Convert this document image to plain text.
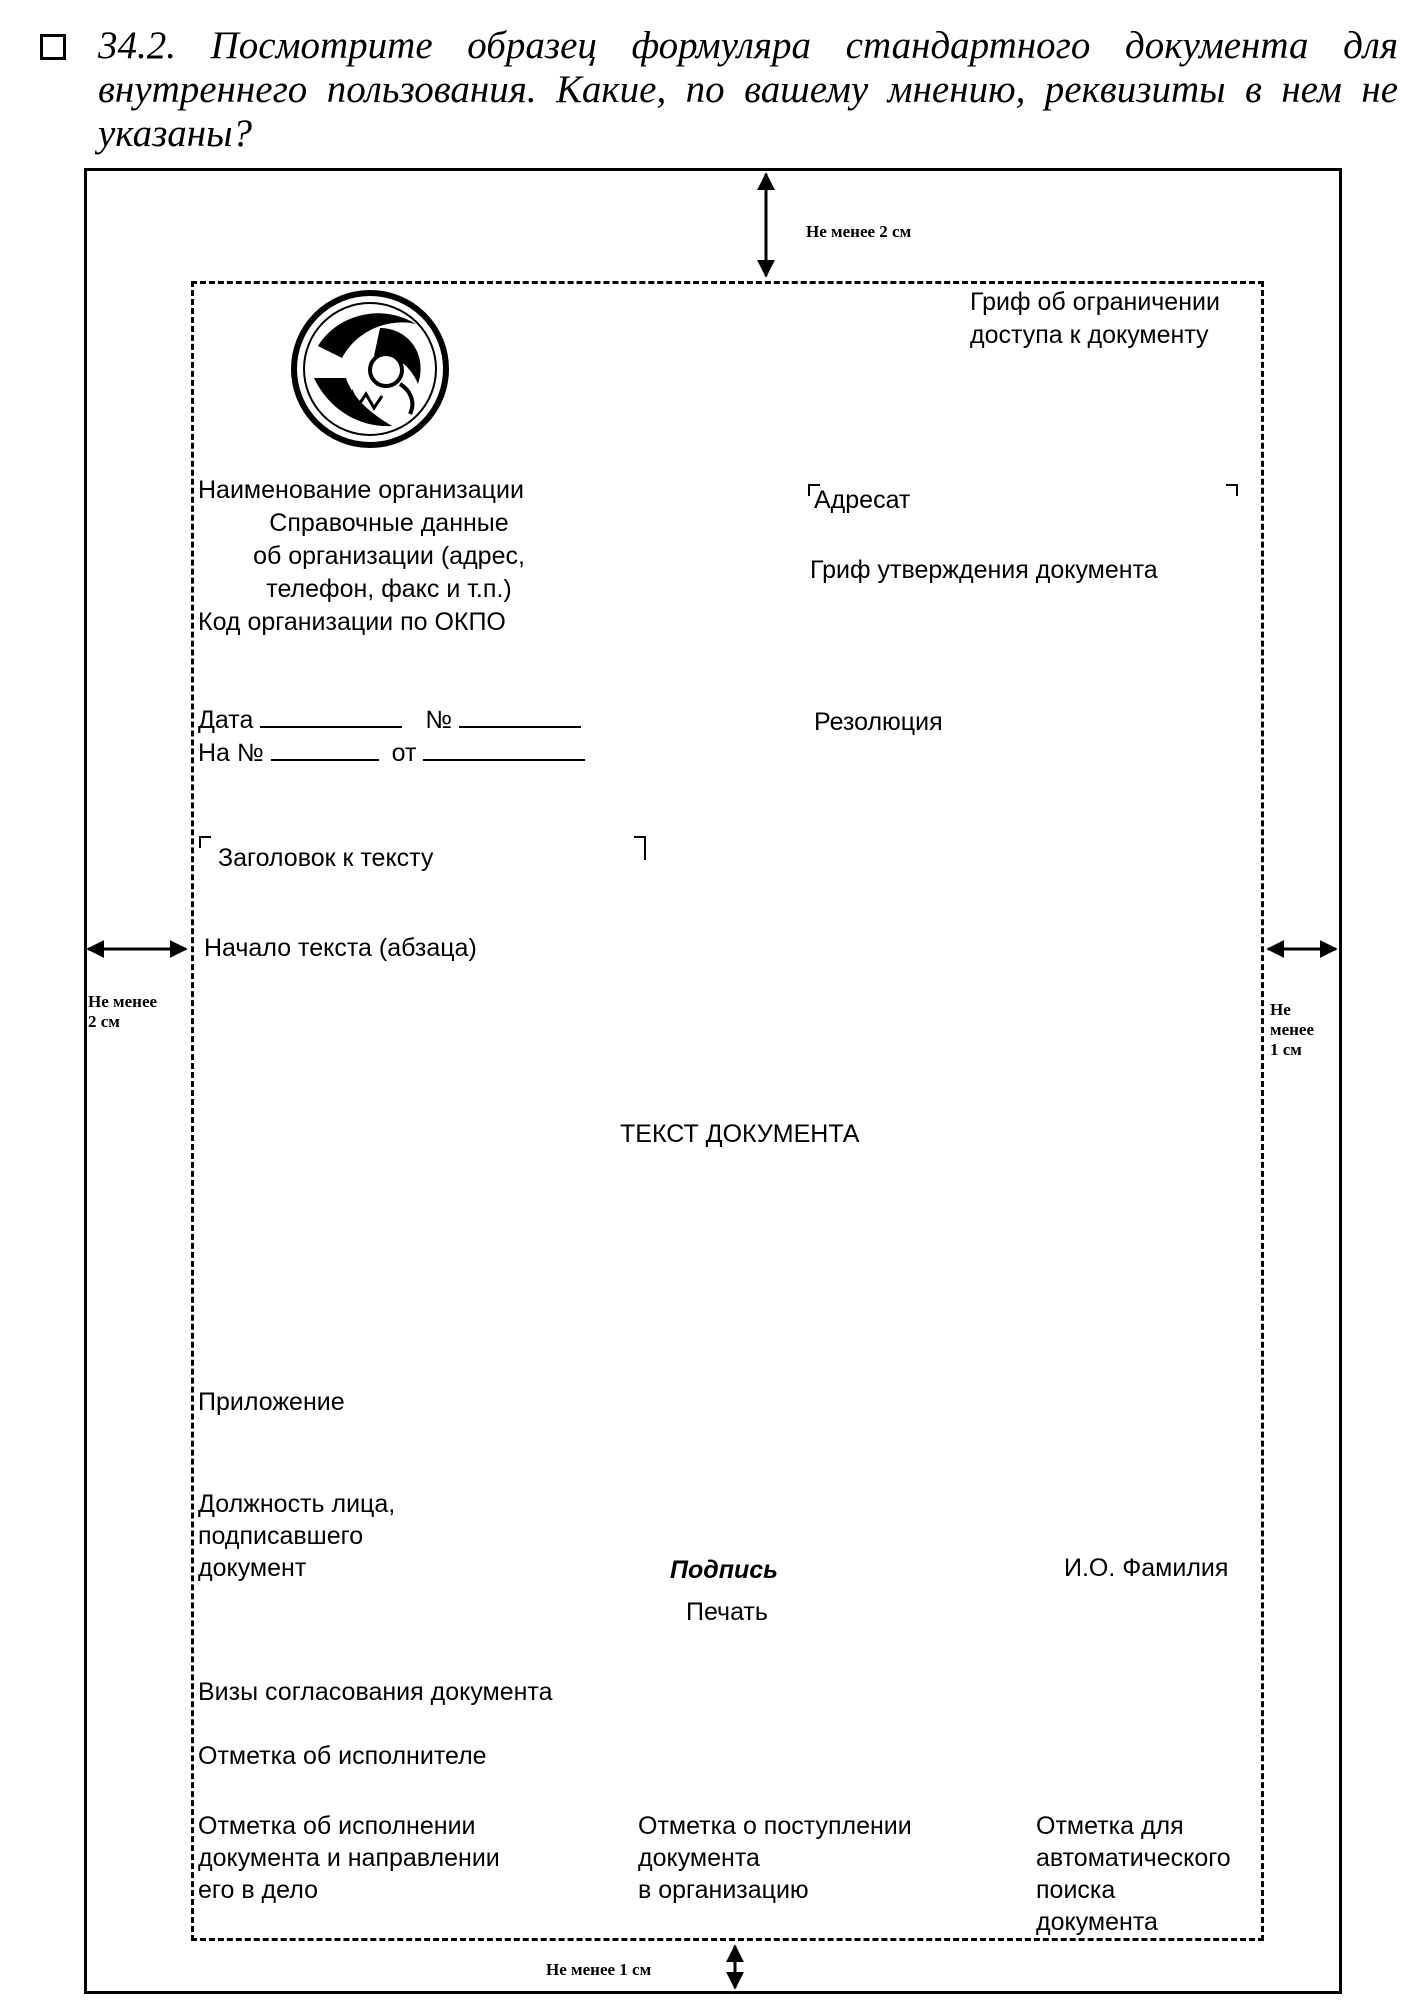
34.2. Посмотрите образец формуляра стандартного документа для внутреннего пользования. Какие, по вашему мнению, реквизиты в нем не указаны?
Не менее 2 см
Не менее
2 см
Не
менее
1 см
Не менее 1 см
Гриф об ограничении
доступа к документу
Наименование организации
Справочные данные
об организации (адрес,
телефон, факс и т.п.)
Код организации по ОКПО
Адресат
Гриф утверждения документа
Дата	№
На №	от
Резолюция
Заголовок к тексту
Начало текста (абзаца)
ТЕКСТ ДОКУМЕНТА
Приложение
Должность лица,
подписавшего
документ	Подпись
Печать
И.О. Фамилия
Визы согласования документа
Отметка об исполнителе
Отметка об исполнении
документа и направлении
его в дело
Отметка о поступлении
документа
в организацию
Отметка для
автоматического
поиска
документа
